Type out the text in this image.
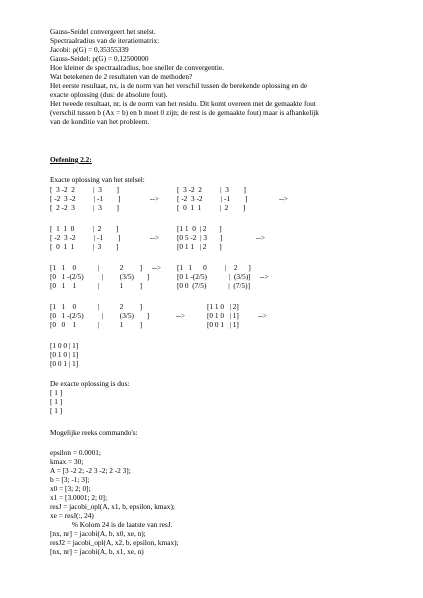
Gauss-Seidel convergeert het snelst.
Spectraalradius van de iteratiematrix:
Jacobi: ρ(G) = 0,35355339
Gauss-Seidel: ρ(G) = 0,12500000
Hoe kleiner de spectraalradius, hoe sneller de convergentie.
Wat betekenen de 2 resultaten van de methoden?
Het eerste resultaat, nx, is de norm van het verschil tussen de berekende oplossing en de
exacte oplossing (dus: de absolute fout).
Het tweede resultaat, nr, is de norm van het residu. Dit komt overeen met de gemaakte fout
(verschil tussen b (Ax = b) en b moet 0 zijn; de rest is de gemaakte fout) maar is afhankelijk
van de konditie van het probleem.
Oefening 2.2:
Exacte oplossing van het stelsel:
[  3 -2  2          |  3        ]
[ -2  3 -2          | -1        ]
[  2 -2  3          |  3        ]
-->
[  3 -2  2          |  3        ]
[ -2  3 -2          | -1        ]
[  0  1  1          |  2        ]
-->
[  1  1  0          |  2        ]
[ -2  3 -2          | -1        ]
[  0  1  1          |  3        ]
-->
[1 1  0  | 2       ]
[0 5 -2  | 3       ]
[0 1 1   | 2       ]
-->
[1   1    0            |           2         ]
[0   1 -(2/5)          |         (3/5)       ]
[0   1    1            |           1         ]
--> [1   1      0          |    2      ]
[0 1 -(2/5)            |  (3/5)]     -->
[0 0  (7/5)            |  (7/5)]
[1   1    0            |           2         ]
[0   1 -(2/5)          |         (3/5)       ]
[0   0    1            |           1         ]
-->
[1 1 0   | 2]
[0 1 0   | 1]
[0 0 1   | 1]
-->
[1 0 0 | 1]
[0 1 0 | 1]
[0 0 1 | 1]
De exacte oplossing is dus:
[ 1 ]
[ 1 ]
[ 1 ]
Mogelijke reeks commando's:
epsilon = 0.0001;
kmax = 30;
A = [3 -2 2; -2 3 -2; 2 -2 3];
b = [3; -1; 3];
x0 = [3; 2; 0];
x1 = [3.0001; 2; 0];
resJ = jacobi_opl(A, x1, b, epsilon, kmax);
xe = resJ(:, 24)
% Kolom 24 is de laatste van resJ.
[nx, nr] = jacobi(A, b, x0, xe, n);
resJ2 = jacobi_opl(A, x2, b, epsilon, kmax);
[nx, nr] = jacobi(A, b, x1, xe, n)
